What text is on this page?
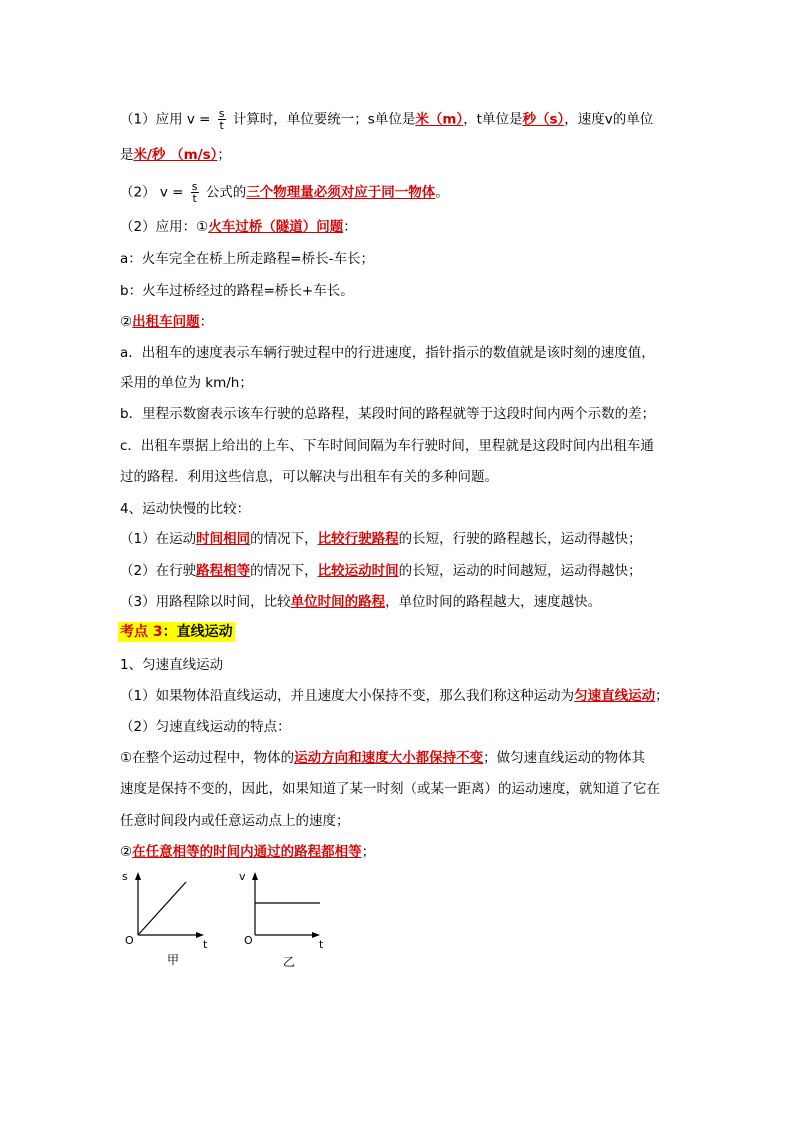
（1）应用 $v = \frac{s}{t}$ 计算时，单位要统一；s单位是米（m），t单位是秒（s），速度v的单位
是米/秒 （m/s）；
（2） $v = \frac{s}{t}$ 公式的三个物理量必须对应于同一物体。
（2）应用：①火车过桥（隧道）问题：
a：火车完全在桥上所走路程=桥长-车长；
b：火车过桥经过的路程=桥长+车长。
②出租车问题：
a．出租车的速度表示车辆行驶过程中的行进速度，指针指示的数值就是该时刻的速度值，
采用的单位为 km/h；
b．里程示数窗表示该车行驶的总路程，某段时间的路程就等于这段时间内两个示数的差；
c．出租车票据上给出的上车、下车时间间隔为车行驶时间，里程就是这段时间内出租车通
过的路程．利用这些信息，可以解决与出租车有关的多种问题。
4、运动快慢的比较：
（1）在运动时间相同的情况下，比较行驶路程的长短，行驶的路程越长，运动得越快；
（2）在行驶路程相等的情况下，比较运动时间的长短，运动的时间越短，运动得越快；
（3）用路程除以时间，比较单位时间的路程，单位时间的路程越大，速度越快。
考点 3：直线运动
1、匀速直线运动
（1）如果物体沿直线运动，并且速度大小保持不变，那么我们称这种运动为匀速直线运动；
（2）匀速直线运动的特点：
①在整个运动过程中，物体的运动方向和速度大小都保持不变；做匀速直线运动的物体其
速度是保持不变的，因此，如果知道了某一时刻（或某一距离）的运动速度，就知道了它在
任意时间段内或任意运动点上的速度；
②在任意相等的时间内通过的路程都相等；
s
O	t
甲
v
O	t
乙
